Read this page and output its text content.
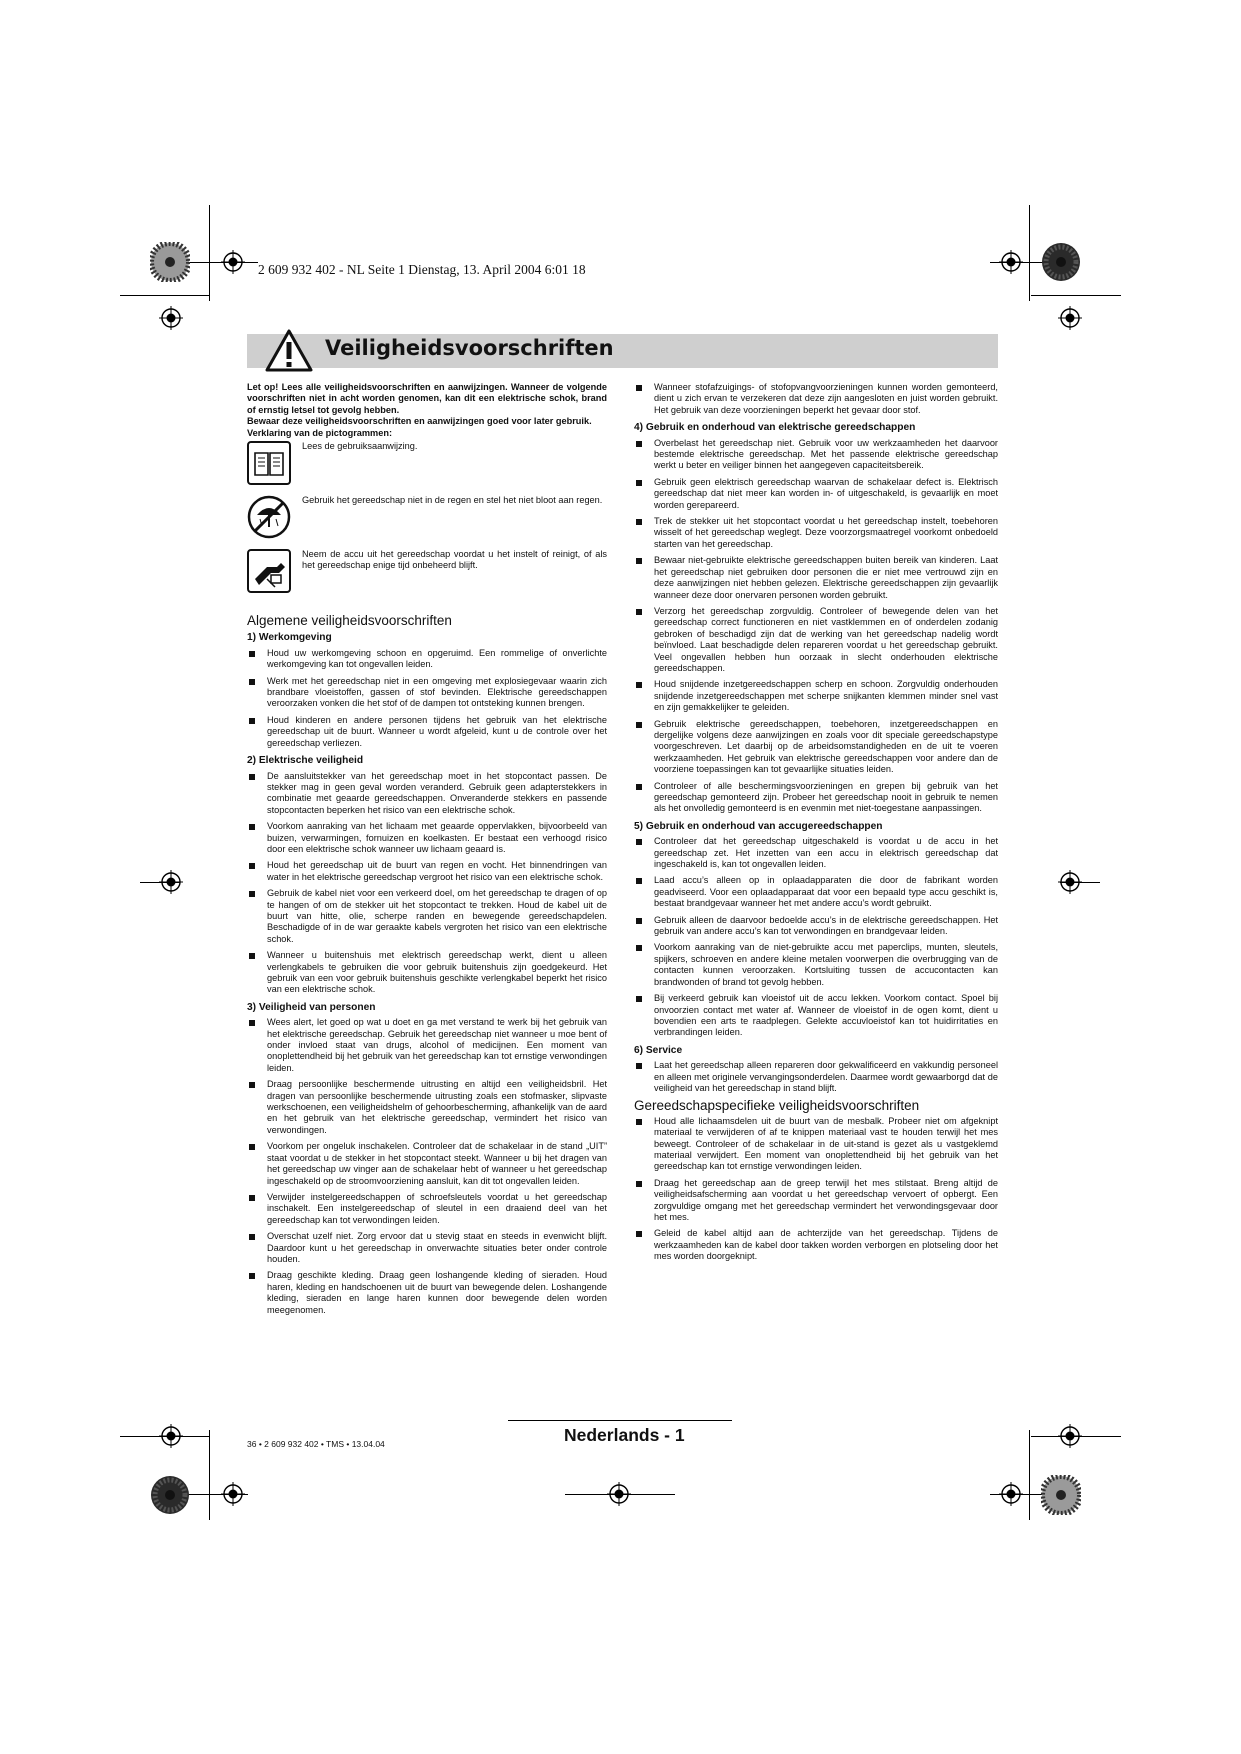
2 609 932 402 - NL Seite 1 Dienstag, 13. April 2004 6:01 18
Veiligheidsvoorschriften

Let op! Lees alle veiligheidsvoorschriften en aanwijzingen. Wanneer de volgende voorschriften niet in acht worden genomen, kan dit een elektrische schok, brand of ernstig letsel tot gevolg hebben.

Bewaar deze veiligheidsvoorschriften en aanwijzingen goed voor later gebruik.

Verklaring van de pictogrammen:

Lees de gebruiksaanwijzing.
Gebruik het gereedschap niet in de regen en stel het niet bloot aan regen.
Neem de accu uit het gereedschap voordat u het instelt of reinigt, of als het gereedschap enige tijd onbeheerd blijft.
Algemene veiligheidsvoorschriften
1) Werkomgeving
Houd uw werkomgeving schoon en opgeruimd. Een rommelige of onverlichte werkomgeving kan tot ongevallen leiden.
Werk met het gereedschap niet in een omgeving met explosiegevaar waarin zich brandbare vloeistoffen, gassen of stof bevinden. Elektrische gereedschappen veroorzaken vonken die het stof of de dampen tot ontsteking kunnen brengen.
Houd kinderen en andere personen tijdens het gebruik van het elektrische gereedschap uit de buurt. Wanneer u wordt afgeleid, kunt u de controle over het gereedschap verliezen.
2) Elektrische veiligheid
De aansluitstekker van het gereedschap moet in het stopcontact passen. De stekker mag in geen geval worden veranderd. Gebruik geen adapterstekkers in combinatie met geaarde gereedschappen. Onveranderde stekkers en passende stopcontacten beperken het risico van een elektrische schok.
Voorkom aanraking van het lichaam met geaarde oppervlakken, bijvoorbeeld van buizen, verwarmingen, fornuizen en koelkasten. Er bestaat een verhoogd risico door een elektrische schok wanneer uw lichaam geaard is.
Houd het gereedschap uit de buurt van regen en vocht. Het binnendringen van water in het elektrische gereedschap vergroot het risico van een elektrische schok.
Gebruik de kabel niet voor een verkeerd doel, om het gereedschap te dragen of op te hangen of om de stekker uit het stopcontact te trekken. Houd de kabel uit de buurt van hitte, olie, scherpe randen en bewegende gereedschapdelen. Beschadigde of in de war geraakte kabels vergroten het risico van een elektrische schok.
Wanneer u buitenshuis met elektrisch gereedschap werkt, dient u alleen verlengkabels te gebruiken die voor gebruik buitenshuis zijn goedgekeurd. Het gebruik van een voor gebruik buitenshuis geschikte verlengkabel beperkt het risico van een elektrische schok.
3) Veiligheid van personen
Wees alert, let goed op wat u doet en ga met verstand te werk bij het gebruik van het elektrische gereedschap. Gebruik het gereedschap niet wanneer u moe bent of onder invloed staat van drugs, alcohol of medicijnen. Een moment van onoplettendheid bij het gebruik van het gereedschap kan tot ernstige verwondingen leiden.
Draag persoonlijke beschermende uitrusting en altijd een veiligheidsbril. Het dragen van persoonlijke beschermende uitrusting zoals een stofmasker, slipvaste werkschoenen, een veiligheidshelm of gehoorbescherming, afhankelijk van de aard en het gebruik van het elektrische gereedschap, vermindert het risico van verwondingen.
Voorkom per ongeluk inschakelen. Controleer dat de schakelaar in de stand „UIT” staat voordat u de stekker in het stopcontact steekt. Wanneer u bij het dragen van het gereedschap uw vinger aan de schakelaar hebt of wanneer u het gereedschap ingeschakeld op de stroomvoorziening aansluit, kan dit tot ongevallen leiden.
Verwijder instelgereedschappen of schroefsleutels voordat u het gereedschap inschakelt. Een instelgereedschap of sleutel in een draaiend deel van het gereedschap kan tot verwondingen leiden.
Overschat uzelf niet. Zorg ervoor dat u stevig staat en steeds in evenwicht blijft. Daardoor kunt u het gereedschap in onverwachte situaties beter onder controle houden.
Draag geschikte kleding. Draag geen loshangende kleding of sieraden. Houd haren, kleding en handschoenen uit de buurt van bewegende delen. Loshangende kleding, sieraden en lange haren kunnen door bewegende delen worden meegenomen.
Wanneer stofafzuigings- of stofopvangvoorzieningen kunnen worden gemonteerd, dient u zich ervan te verzekeren dat deze zijn aangesloten en juist worden gebruikt. Het gebruik van deze voorzieningen beperkt het gevaar door stof.
4) Gebruik en onderhoud van elektrische gereedschappen
Overbelast het gereedschap niet. Gebruik voor uw werkzaamheden het daarvoor bestemde elektrische gereedschap. Met het passende elektrische gereedschap werkt u beter en veiliger binnen het aangegeven capaciteitsbereik.
Gebruik geen elektrisch gereedschap waarvan de schakelaar defect is. Elektrisch gereedschap dat niet meer kan worden in- of uitgeschakeld, is gevaarlijk en moet worden gerepareerd.
Trek de stekker uit het stopcontact voordat u het gereedschap instelt, toebehoren wisselt of het gereedschap weglegt. Deze voorzorgsmaatregel voorkomt onbedoeld starten van het gereedschap.
Bewaar niet-gebruikte elektrische gereedschappen buiten bereik van kinderen. Laat het gereedschap niet gebruiken door personen die er niet mee vertrouwd zijn en deze aanwijzingen niet hebben gelezen. Elektrische gereedschappen zijn gevaarlijk wanneer deze door onervaren personen worden gebruikt.
Verzorg het gereedschap zorgvuldig. Controleer of bewegende delen van het gereedschap correct functioneren en niet vastklemmen en of onderdelen zodanig gebroken of beschadigd zijn dat de werking van het gereedschap nadelig wordt beïnvloed. Laat beschadigde delen repareren voordat u het gereedschap gebruikt. Veel ongevallen hebben hun oorzaak in slecht onderhouden elektrische gereedschappen.
Houd snijdende inzetgereedschappen scherp en schoon. Zorgvuldig onderhouden snijdende inzetgereedschappen met scherpe snijkanten klemmen minder snel vast en zijn gemakkelijker te geleiden.
Gebruik elektrische gereedschappen, toebehoren, inzetgereedschappen en dergelijke volgens deze aanwijzingen en zoals voor dit speciale gereedschapstype voorgeschreven. Let daarbij op de arbeidsomstandigheden en de uit te voeren werkzaamheden. Het gebruik van elektrische gereedschappen voor andere dan de voorziene toepassingen kan tot gevaarlijke situaties leiden.
Controleer of alle beschermingsvoorzieningen en grepen bij gebruik van het gereedschap gemonteerd zijn. Probeer het gereedschap nooit in gebruik te nemen als het onvolledig gemonteerd is en evenmin met niet-toegestane aanpassingen.
5) Gebruik en onderhoud van accugereedschappen
Controleer dat het gereedschap uitgeschakeld is voordat u de accu in het gereedschap zet. Het inzetten van een accu in elektrisch gereedschap dat ingeschakeld is, kan tot ongevallen leiden.
Laad accu’s alleen op in oplaadapparaten die door de fabrikant worden geadviseerd. Voor een oplaadapparaat dat voor een bepaald type accu geschikt is, bestaat brandgevaar wanneer het met andere accu’s wordt gebruikt.
Gebruik alleen de daarvoor bedoelde accu’s in de elektrische gereedschappen. Het gebruik van andere accu’s kan tot verwondingen en brandgevaar leiden.
Voorkom aanraking van de niet-gebruikte accu met paperclips, munten, sleutels, spijkers, schroeven en andere kleine metalen voorwerpen die overbrugging van de contacten kunnen veroorzaken. Kortsluiting tussen de accucontacten kan brandwonden of brand tot gevolg hebben.
Bij verkeerd gebruik kan vloeistof uit de accu lekken. Voorkom contact. Spoel bij onvoorzien contact met water af. Wanneer de vloeistof in de ogen komt, dient u bovendien een arts te raadplegen. Gelekte accuvloeistof kan tot huidirritaties en verbrandingen leiden.
6) Service
Laat het gereedschap alleen repareren door gekwalificeerd en vakkundig personeel en alleen met originele vervangingsonderdelen. Daarmee wordt gewaarborgd dat de veiligheid van het gereedschap in stand blijft.
Gereedschapspecifieke veiligheidsvoorschriften
Houd alle lichaamsdelen uit de buurt van de mesbalk. Probeer niet om afgeknipt materiaal te verwijderen of af te knippen materiaal vast te houden terwijl het mes beweegt. Controleer of de schakelaar in de uit-stand is gezet als u vastgeklemd materiaal verwijdert. Een moment van onoplettendheid bij het gebruik van het gereedschap kan tot ernstige verwondingen leiden.
Draag het gereedschap aan de greep terwijl het mes stilstaat. Breng altijd de veiligheidsafscherming aan voordat u het gereedschap vervoert of opbergt. Een zorgvuldige omgang met het gereedschap vermindert het verwondingsgevaar door het mes.
Geleid de kabel altijd aan de achterzijde van het gereedschap. Tijdens de werkzaamheden kan de kabel door takken worden verborgen en plotseling door het mes worden doorgeknipt.
36 • 2 609 932 402 • TMS • 13.04.04	Nederlands - 1
